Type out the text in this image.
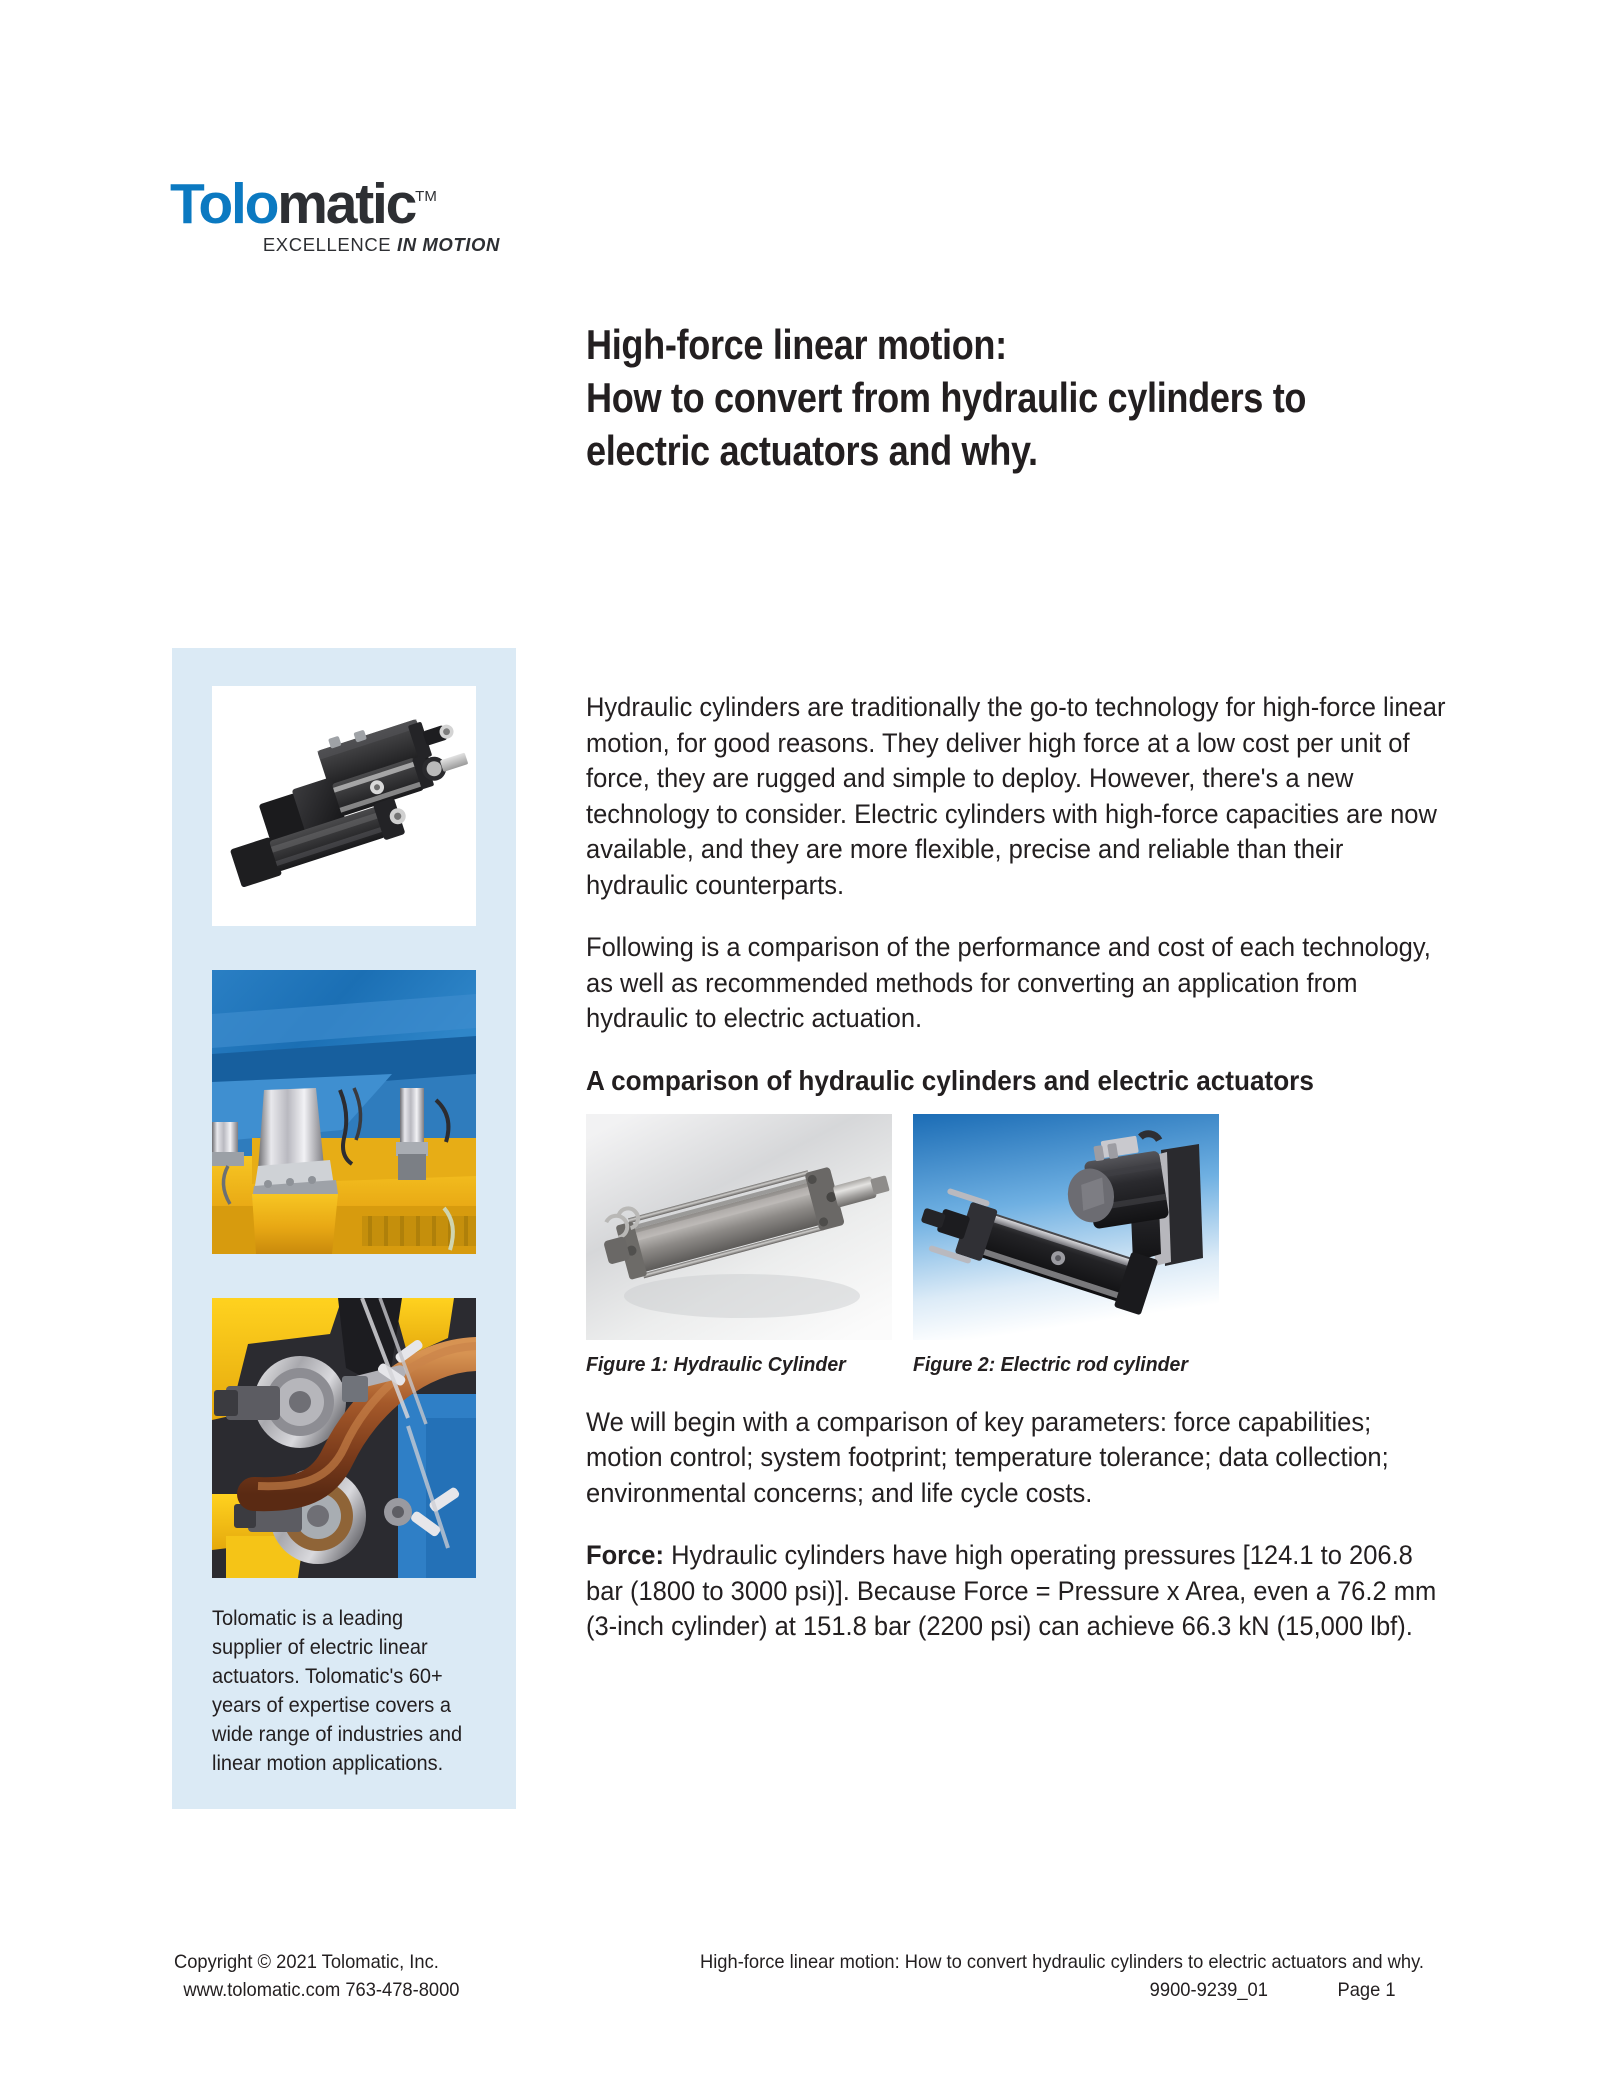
Tolomatic™
EXCELLENCE IN MOTION
High-force linear motion:
How to convert from hydraulic cylinders to
electric actuators and why.
Tolomatic is a leading supplier of electric linear actuators. Tolomatic's 60+ years of expertise covers a wide range of industries and linear motion applications.

Hydraulic cylinders are traditionally the go-to technology for high-force linear motion, for good reasons. They deliver high force at a low cost per unit of force, they are rugged and simple to deploy. However, there's a new technology to consider. Electric cylinders with high-force capacities are now available, and they are more flexible, precise and reliable than their hydraulic counterparts.

Following is a comparison of the performance and cost of each technology, as well as recommended methods for converting an application from hydraulic to electric actuation.

A comparison of hydraulic cylinders and electric actuators
Figure 1: Hydraulic Cylinder	Figure 2: Electric rod cylinder

We will begin with a comparison of key parameters: force capabilities; motion control; system footprint; temperature tolerance; data collection; environmental concerns; and life cycle costs.

Force: Hydraulic cylinders have high operating pressures [124.1 to 206.8 bar (1800 to 3000 psi)]. Because Force = Pressure x Area, even a 76.2 mm (3-inch cylinder) at 151.8 bar (2200 psi) can achieve 66.3 kN (15,000 lbf).

Copyright © 2021 Tolomatic, Inc.
www.tolomatic.com 763-478-8000
High-force linear motion: How to convert hydraulic cylinders to electric actuators and why.
9900-9239_01	Page 1
